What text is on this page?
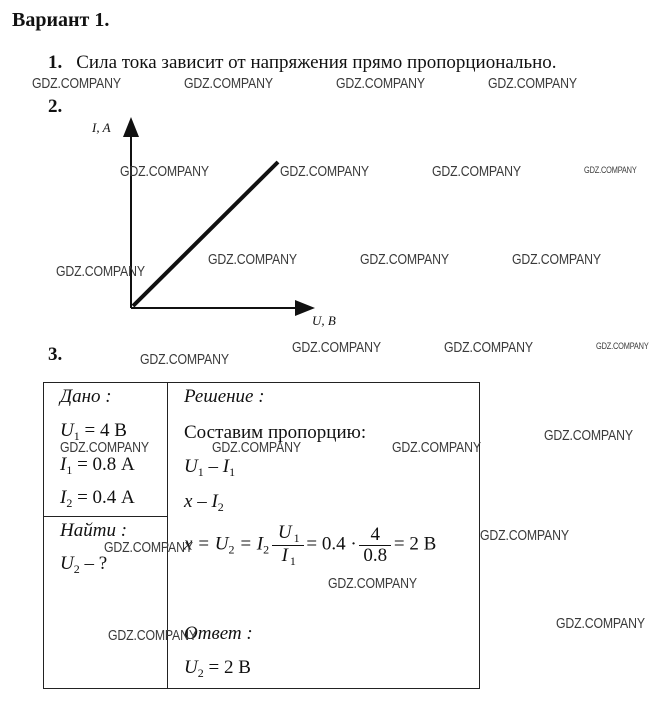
Вариант 1.
1. Сила тока зависит от напряжения прямо пропорционально.
2.
I, A
U, B
3.
Дано :
$U_1 = 4$ В
$I_1 = 0.8$ А
$I_2 = 0.4$ А
Найти :
$U_2$ – ?
Решение :
Составим пропорцию:
$U_1 - I_1$
x – $I_2$
$x = U_2 = I_2 \frac{U _1}{I _1} = 0.4 \cdot \frac{4}{0.8} = 2$ В
Ответ :
$U_2 = 2$ В
GDZ.COMPANY	GDZ.COMPANY	GDZ.COMPANY	GDZ.COMPANY
GDZ.COMPANY	GDZ.COMPANY	GDZ.COMPANY	GDZ.COMPANY
GDZ.COMPANY
GDZ.COMPANY	GDZ.COMPANY	GDZ.COMPANY
GDZ.COMPANY
GDZ.COMPANY	GDZ.COMPANY	GDZ.COMPANY
GDZ.COMPANY	GDZ.COMPANY	GDZ.COMPANY
GDZ.COMPANY
GDZ.COMPANY
GDZ.COMPANY
GDZ.COMPANY
GDZ.COMPANY
GDZ.COMPANY
